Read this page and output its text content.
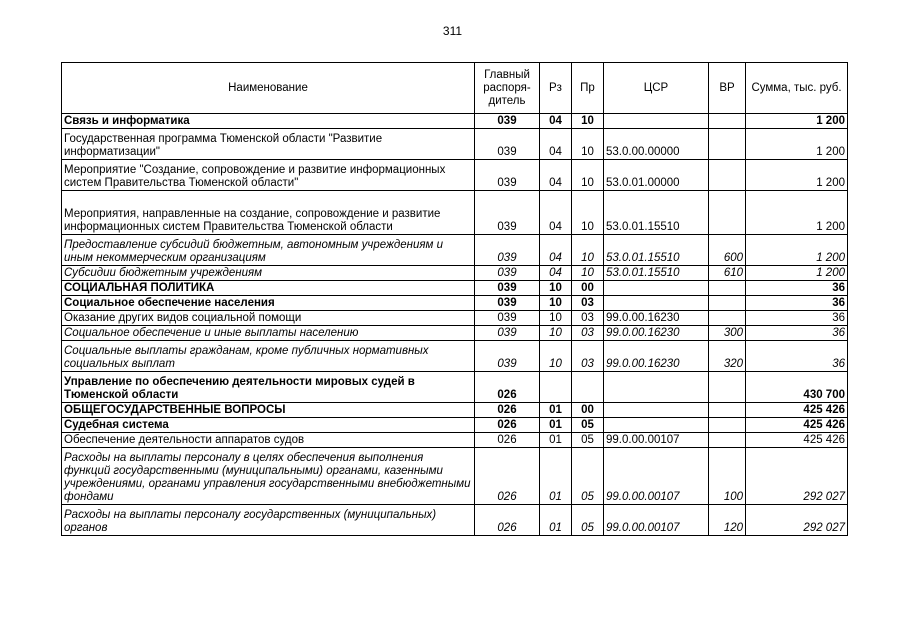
311
Наименование	Главный распоря-дитель	Рз	Пр	ЦСР	ВР	Сумма, тыс. руб.
Связь и информатика	039	04	10			1 200
Государственная программа Тюменской области "Развитие информатизации"	039	04	10	53.0.00.00000		1 200
Мероприятие "Создание, сопровождение и развитие информационных систем Правительства Тюменской области"	039	04	10	53.0.01.00000		1 200
Мероприятия, направленные на создание, сопровождение и развитие информационных систем Правительства Тюменской области	039	04	10	53.0.01.15510		1 200
Предоставление субсидий бюджетным, автономным учреждениям и иным некоммерческим организациям	039	04	10	53.0.01.15510	600	1 200
Субсидии бюджетным учреждениям	039	04	10	53.0.01.15510	610	1 200
СОЦИАЛЬНАЯ ПОЛИТИКА	039	10	00			36
Социальное обеспечение населения	039	10	03			36
Оказание других видов социальной помощи	039	10	03	99.0.00.16230		36
Социальное обеспечение и иные выплаты населению	039	10	03	99.0.00.16230	300	36
Социальные выплаты гражданам, кроме публичных нормативных социальных выплат	039	10	03	99.0.00.16230	320	36
Управление по обеспечению деятельности мировых судей в Тюменской области	026					430 700
ОБЩЕГОСУДАРСТВЕННЫЕ ВОПРОСЫ	026	01	00			425 426
Судебная система	026	01	05			425 426
Обеспечение деятельности аппаратов судов	026	01	05	99.0.00.00107		425 426
Расходы на выплаты персоналу в целях обеспечения выполнения функций государственными (муниципальными) органами, казенными учреждениями, органами управления государственными внебюджетными фондами	026	01	05	99.0.00.00107	100	292 027
Расходы на выплаты персоналу государственных (муниципальных) органов	026	01	05	99.0.00.00107	120	292 027
